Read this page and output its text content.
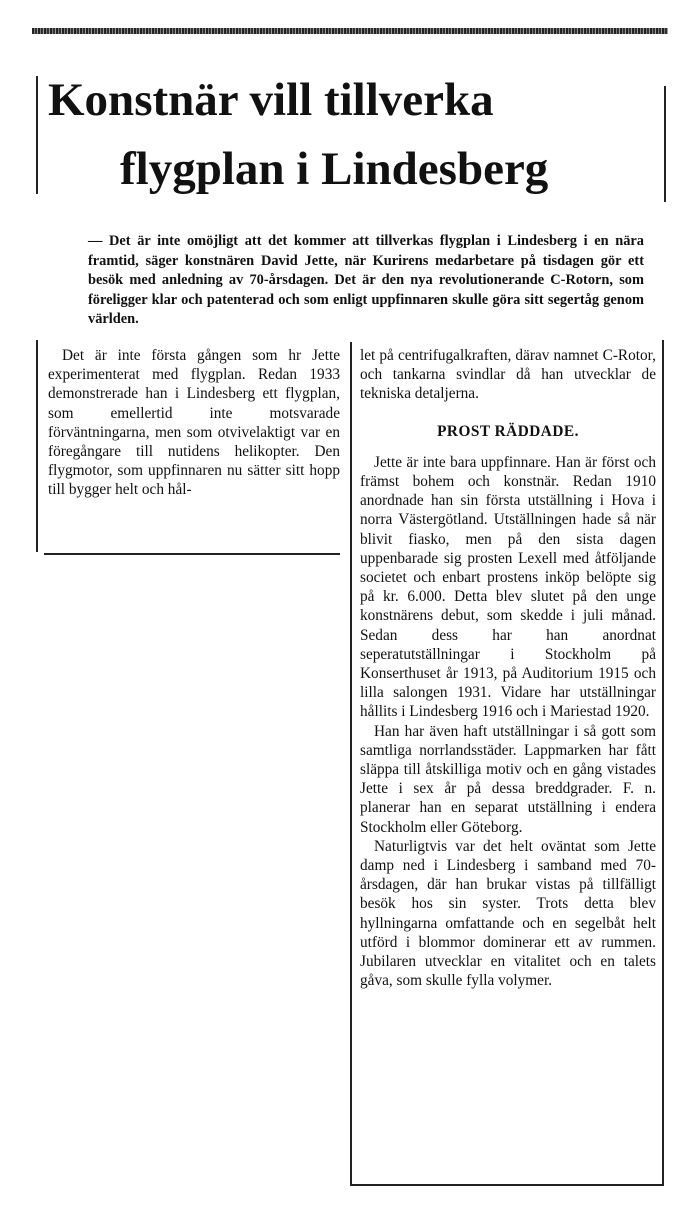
Konstnär vill tillverka
flygplan i Lindesberg

— Det är inte omöjligt att det kommer att tillverkas flygplan i Lindesberg i en nära framtid, säger konstnären David Jette, när Kurirens medarbetare på tisdagen gör ett besök med anledning av 70-årsdagen. Det är den nya revolutionerande C-Rotorn, som föreligger klar och patenterad och som enligt uppfinnaren skulle göra sitt segertåg genom världen.

Det är inte första gången som hr Jette experimenterat med flygplan. Redan 1933 demonstrerade han i Lindesberg ett flygplan, som emellertid inte motsvarade förväntningarna, men som otvivelaktigt var en föregångare till nutidens helikopter. Den flygmotor, som uppfinnaren nu sätter sitt hopp till bygger helt och hål-

let på centrifugalkraften, därav namnet C-Rotor, och tankarna svindlar då han utvecklar de tekniska detaljerna.

PROST RÄDDADE.

Jette är inte bara uppfinnare. Han är först och främst bohem och konstnär. Redan 1910 anordnade han sin första utställning i Hova i norra Västergötland. Utställningen hade så när blivit fiasko, men på den sista dagen uppenbarade sig prosten Lexell med åtföljande societet och enbart prostens inköp belöpte sig på kr. 6.000. Detta blev slutet på den unge konstnärens debut, som skedde i juli månad. Sedan dess har han anordnat seperatutställningar i Stockholm på Konserthuset år 1913, på Auditorium 1915 och lilla salongen 1931. Vidare har utställningar hållits i Lindesberg 1916 och i Mariestad 1920.

Han har även haft utställningar i så gott som samtliga norrlandsstäder. Lappmarken har fått släppa till åtskilliga motiv och en gång vistades Jette i sex år på dessa breddgrader. F. n. planerar han en separat utställning i endera Stockholm eller Göteborg.

Naturligtvis var det helt oväntat som Jette damp ned i Lindesberg i samband med 70-årsdagen, där han brukar vistas på tillfälligt besök hos sin syster. Trots detta blev hyllningarna omfattande och en segelbåt helt utförd i blommor dominerar ett av rummen. Jubilaren utvecklar en vitalitet och en talets gåva, som skulle fylla volymer.
